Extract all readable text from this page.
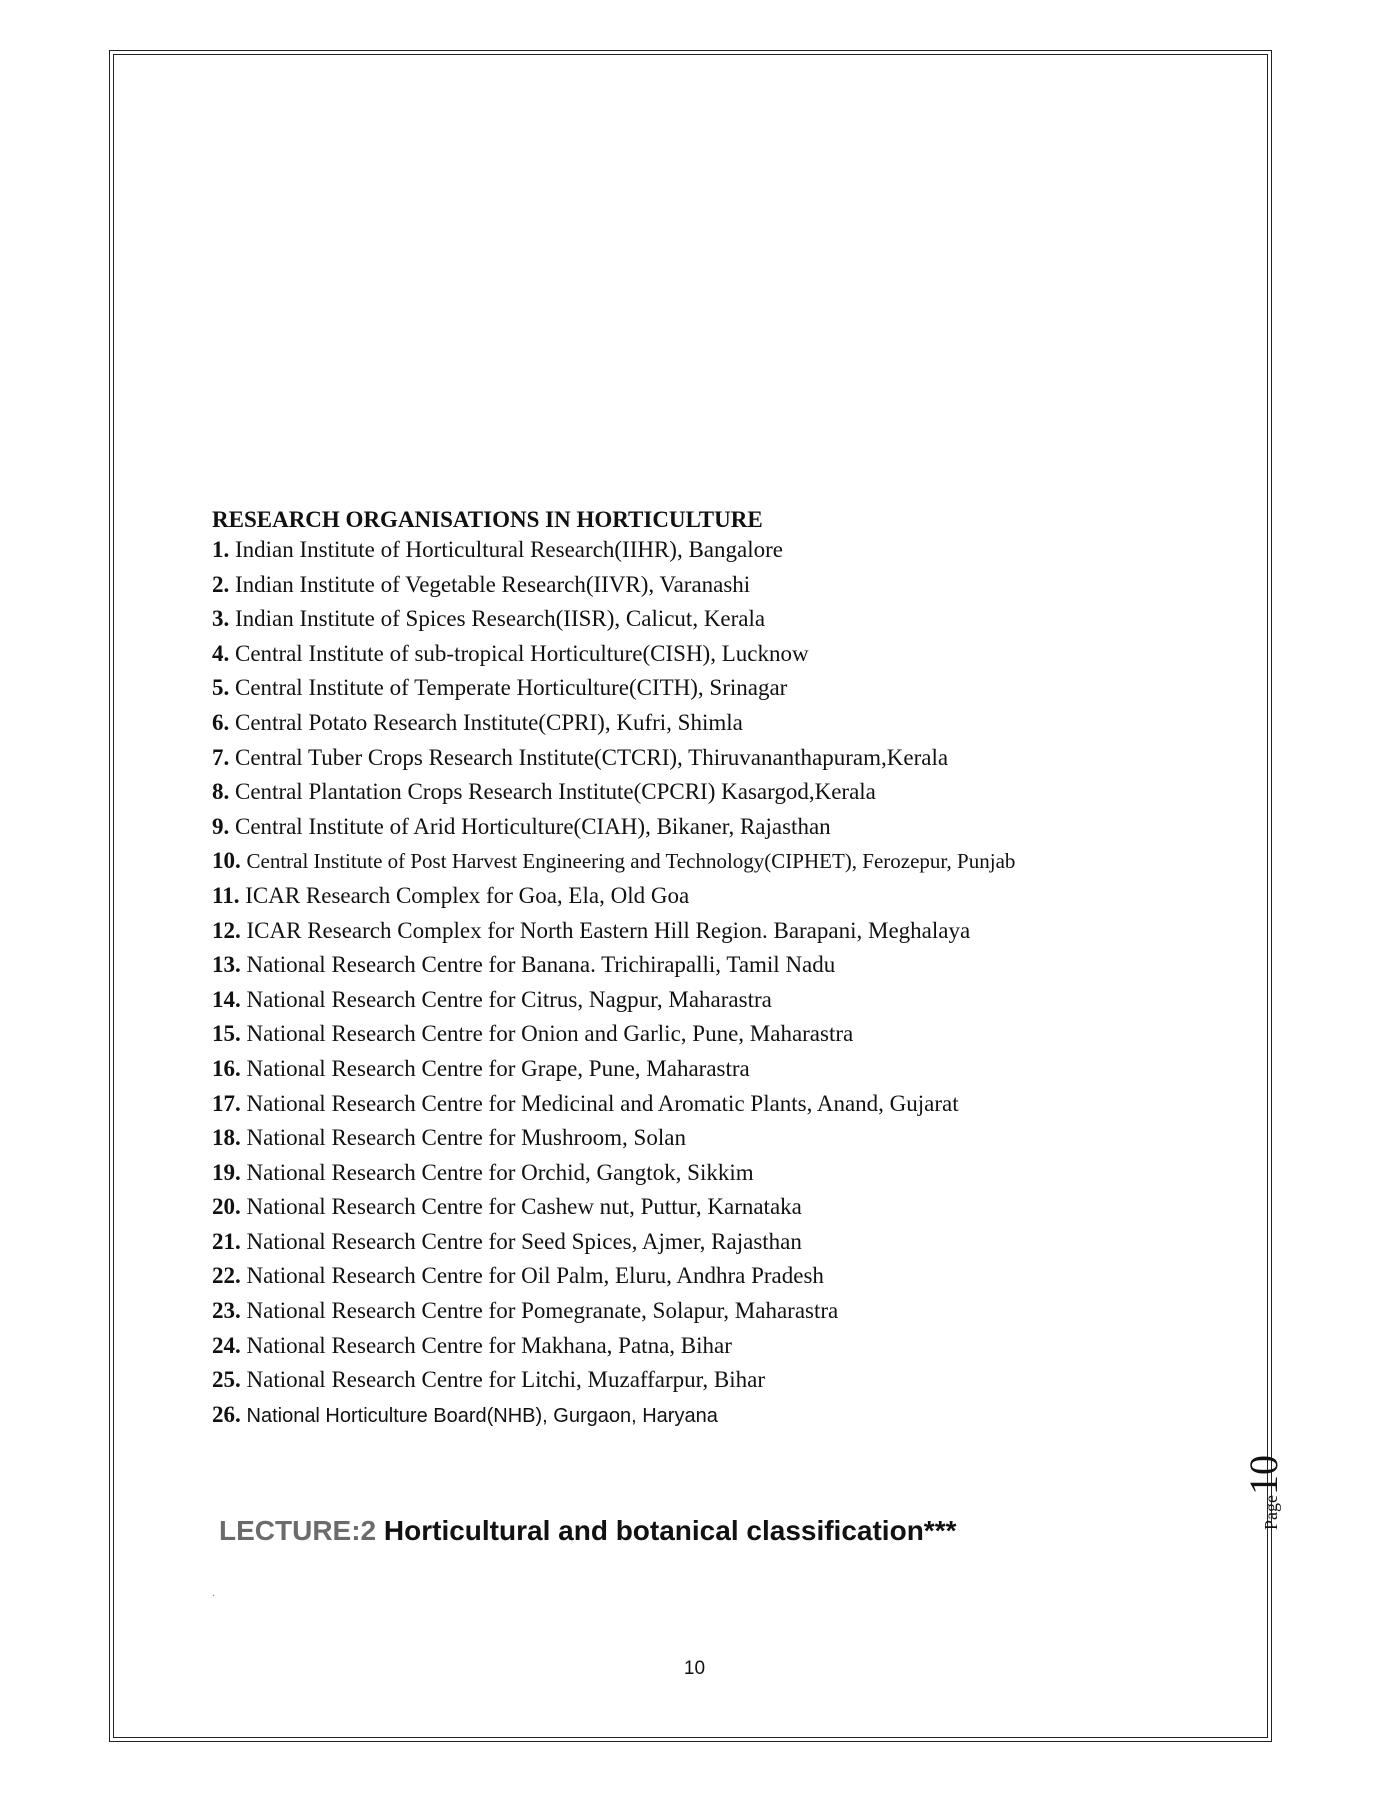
RESEARCH ORGANISATIONS IN HORTICULTURE

1. Indian Institute of Horticultural Research(IIHR), Bangalore
2. Indian Institute of Vegetable Research(IIVR), Varanashi
3. Indian Institute of Spices Research(IISR), Calicut, Kerala
4. Central Institute of sub-tropical Horticulture(CISH), Lucknow
5. Central Institute of Temperate Horticulture(CITH), Srinagar
6. Central Potato Research Institute(CPRI), Kufri, Shimla
7. Central Tuber Crops Research Institute(CTCRI), Thiruvananthapuram,Kerala
8. Central Plantation Crops Research Institute(CPCRI) Kasargod,Kerala
9. Central Institute of Arid Horticulture(CIAH), Bikaner, Rajasthan
10. Central Institute of Post Harvest Engineering and Technology(CIPHET), Ferozepur, Punjab
11. ICAR Research Complex for Goa, Ela, Old Goa
12. ICAR Research Complex for North Eastern Hill Region. Barapani, Meghalaya
13. National Research Centre for Banana. Trichirapalli, Tamil Nadu
14. National Research Centre for Citrus, Nagpur, Maharastra
15. National Research Centre for Onion and Garlic, Pune, Maharastra
16. National Research Centre for Grape, Pune, Maharastra
17. National Research Centre for Medicinal and Aromatic Plants, Anand, Gujarat
18. National Research Centre for Mushroom, Solan
19. National Research Centre for Orchid, Gangtok, Sikkim
20. National Research Centre for Cashew nut, Puttur, Karnataka
21. National Research Centre for Seed Spices, Ajmer, Rajasthan
22. National Research Centre for Oil Palm, Eluru, Andhra Pradesh
23. National Research Centre for Pomegranate, Solapur, Maharastra
24. National Research Centre for Makhana, Patna, Bihar
25. National Research Centre for Litchi, Muzaffarpur, Bihar
26. National Horticulture Board(NHB), Gurgaon, Haryana
LECTURE:2 Horticultural and botanical classification***
.
Page10
10
